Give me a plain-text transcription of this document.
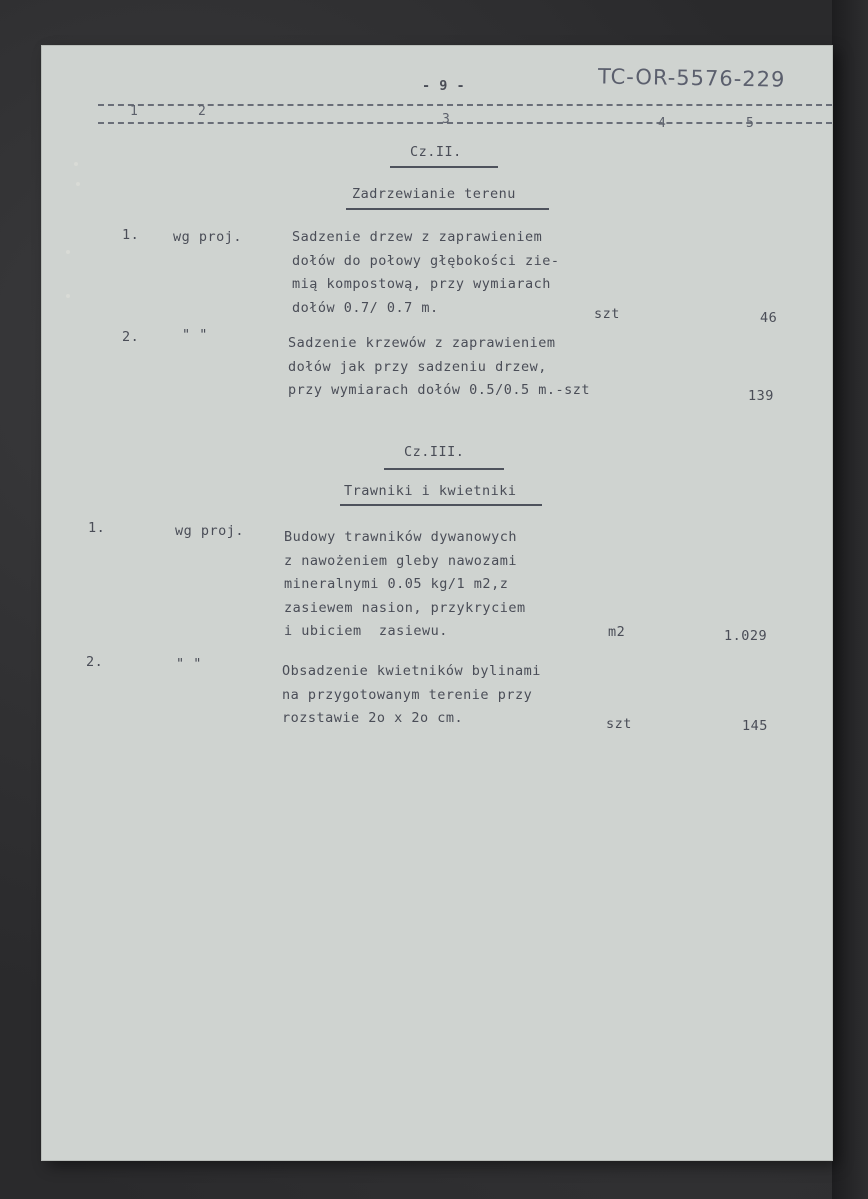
- 9 -	TC-OR-5576-229
1	2
3	4	5
Cz.II.
Zadrzewianie terenu
1. wg proj.	Sadzenie drzew z zaprawieniem
dołów do połowy głębokości zie-
mią kompostową, przy wymiarach
dołów 0.7/ 0.7 m.	szt	46
2.	" "	Sadzenie krzewów z zaprawieniem
dołów jak przy sadzeniu drzew,
przy wymiarach dołów 0.5/0.5 m.-szt	139
Cz.III.
Trawniki i kwietniki
1.	wg proj.	Budowy trawników dywanowych
z nawożeniem gleby nawozami
mineralnymi 0.05 kg/1 m2,z
zasiewem nasion, przykryciem
i ubiciem  zasiewu.	m2	1.029
2.	" "	Obsadzenie kwietników bylinami
na przygotowanym terenie przy
rozstawie 2o x 2o cm.	szt	145
